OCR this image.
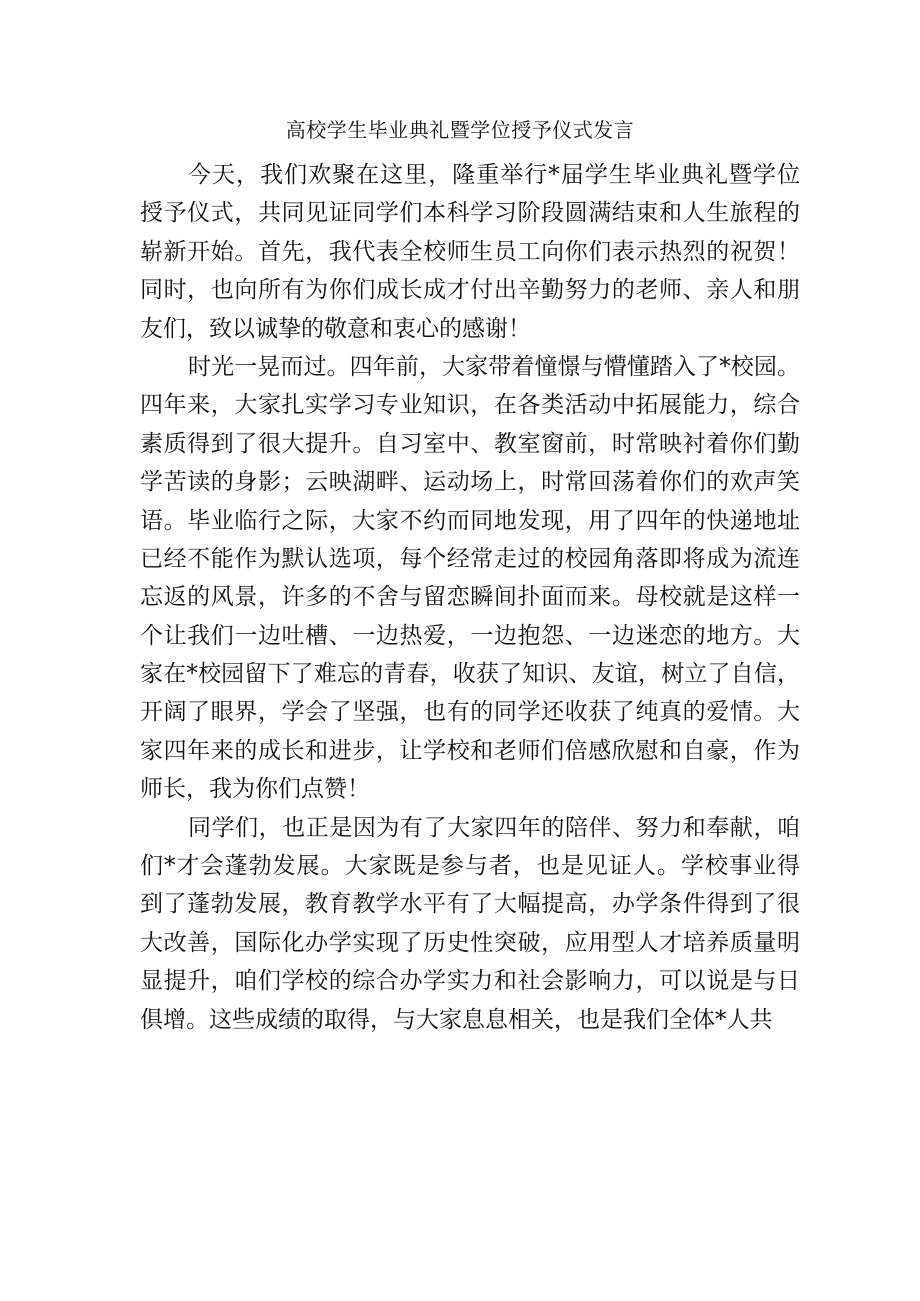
高校学生毕业典礼暨学位授予仪式发言
今天，我们欢聚在这里，隆重举行*届学生毕业典礼暨学位
授予仪式，共同见证同学们本科学习阶段圆满结束和人生旅程的
崭新开始。首先，我代表全校师生员工向你们表示热烈的祝贺！
同时，也向所有为你们成长成才付出辛勤努力的老师、亲人和朋
友们，致以诚挚的敬意和衷心的感谢！
时光一晃而过。四年前，大家带着憧憬与懵懂踏入了*校园。
四年来，大家扎实学习专业知识，在各类活动中拓展能力，综合
素质得到了很大提升。自习室中、教室窗前，时常映衬着你们勤
学苦读的身影；云映湖畔、运动场上，时常回荡着你们的欢声笑
语。毕业临行之际，大家不约而同地发现，用了四年的快递地址
已经不能作为默认选项，每个经常走过的校园角落即将成为流连
忘返的风景，许多的不舍与留恋瞬间扑面而来。母校就是这样一
个让我们一边吐槽、一边热爱，一边抱怨、一边迷恋的地方。大
家在*校园留下了难忘的青春，收获了知识、友谊，树立了自信，
开阔了眼界，学会了坚强，也有的同学还收获了纯真的爱情。大
家四年来的成长和进步，让学校和老师们倍感欣慰和自豪，作为
师长，我为你们点赞！
同学们，也正是因为有了大家四年的陪伴、努力和奉献，咱
们*才会蓬勃发展。大家既是参与者，也是见证人。学校事业得
到了蓬勃发展，教育教学水平有了大幅提高，办学条件得到了很
大改善，国际化办学实现了历史性突破，应用型人才培养质量明
显提升，咱们学校的综合办学实力和社会影响力，可以说是与日
俱增。这些成绩的取得，与大家息息相关，也是我们全体*人共
